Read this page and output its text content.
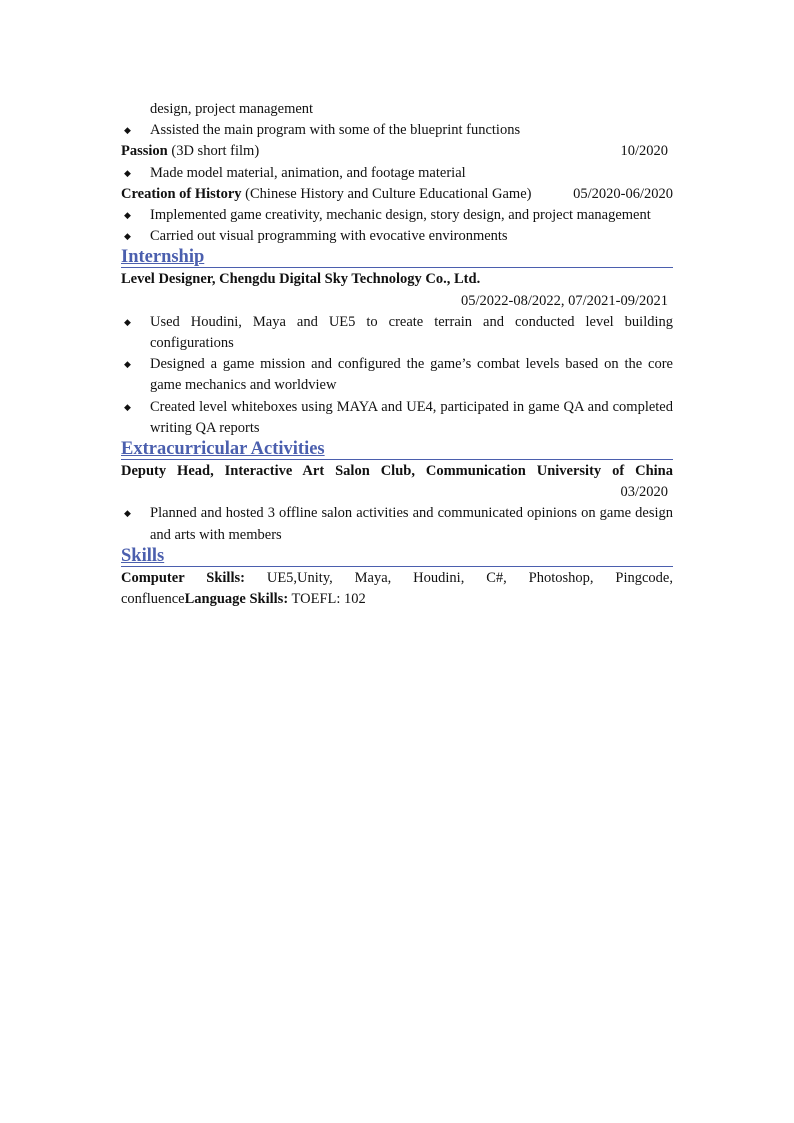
design, project management
◆ Assisted the main program with some of the blueprint functions
Passion (3D short film)	10/2020
◆ Made model material, animation, and footage material
Creation of History (Chinese History and Culture Educational Game)	05/2020-06/2020
◆ Implemented game creativity, mechanic design, story design, and project management
◆ Carried out visual programming with evocative environments
Internship
Level Designer, Chengdu Digital Sky Technology Co., Ltd.
05/2022-08/2022, 07/2021-09/2021
◆ Used Houdini, Maya and UE5 to create terrain and conducted level building configurations
◆ Designed a game mission and configured the game’s combat levels based on the core game mechanics and worldview
◆ Created level whiteboxes using MAYA and UE4, participated in game QA and completed writing QA reports
Extracurricular Activities
Deputy Head, Interactive Art Salon Club, Communication University of China
03/2020
◆ Planned and hosted 3 offline salon activities and communicated opinions on game design and arts with members
Skills
Computer Skills: UE5,Unity, Maya, Houdini, C#, Photoshop, Pingcode, confluenceLanguage Skills: TOEFL: 102
